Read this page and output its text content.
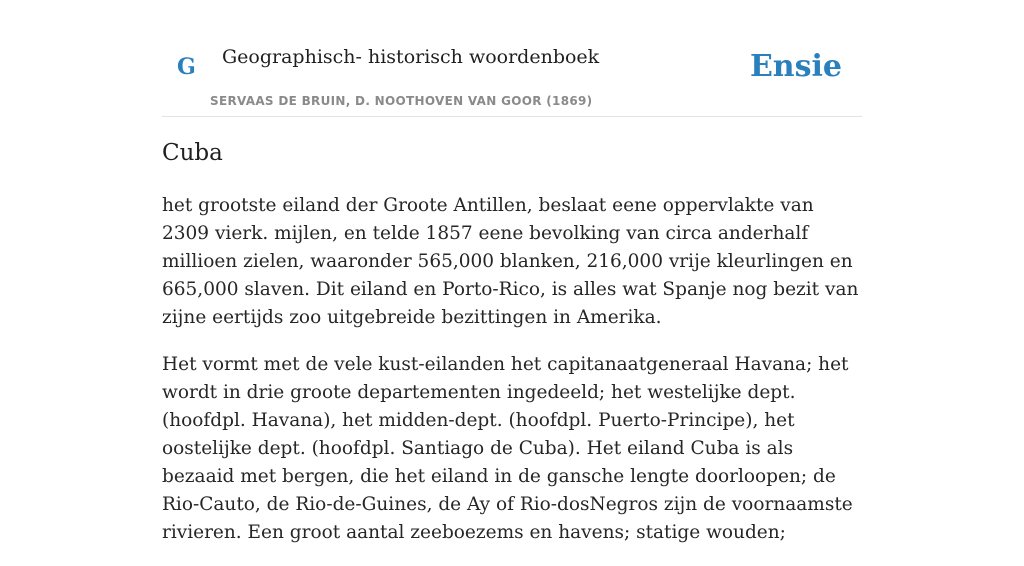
G Geographisch- historisch woordenboek
SERVAAS DE BRUIN, D. NOOTHOVEN VAN GOOR (1869)
Ensie
Cuba

het grootste eiland der Groote Antillen, beslaat eene oppervlakte van 2309 vierk. mijlen, en telde 1857 eene bevolking van circa anderhalf millioen zielen, waaronder 565,000 blanken, 216,000 vrije kleurlingen en 665,000 slaven. Dit eiland en Porto-Rico, is alles wat Spanje nog bezit van zijne eertijds zoo uitgebreide bezittingen in Amerika.

Het vormt met de vele kust-eilanden het capitanaatgeneraal Havana; het wordt in drie groote departementen ingedeeld; het westelijke dept. (hoofdpl. Havana), het midden-dept. (hoofdpl. Puerto-Principe), het oostelijke dept. (hoofdpl. Santiago de Cuba). Het eiland Cuba is als bezaaid met bergen, die het eiland in de gansche lengte doorloopen; de Rio-Cauto, de Rio-de-Guines, de Ay of Rio-dosNegros zijn de voornaamste rivieren. Een groot aantal zeeboezems en havens; statige wouden;
